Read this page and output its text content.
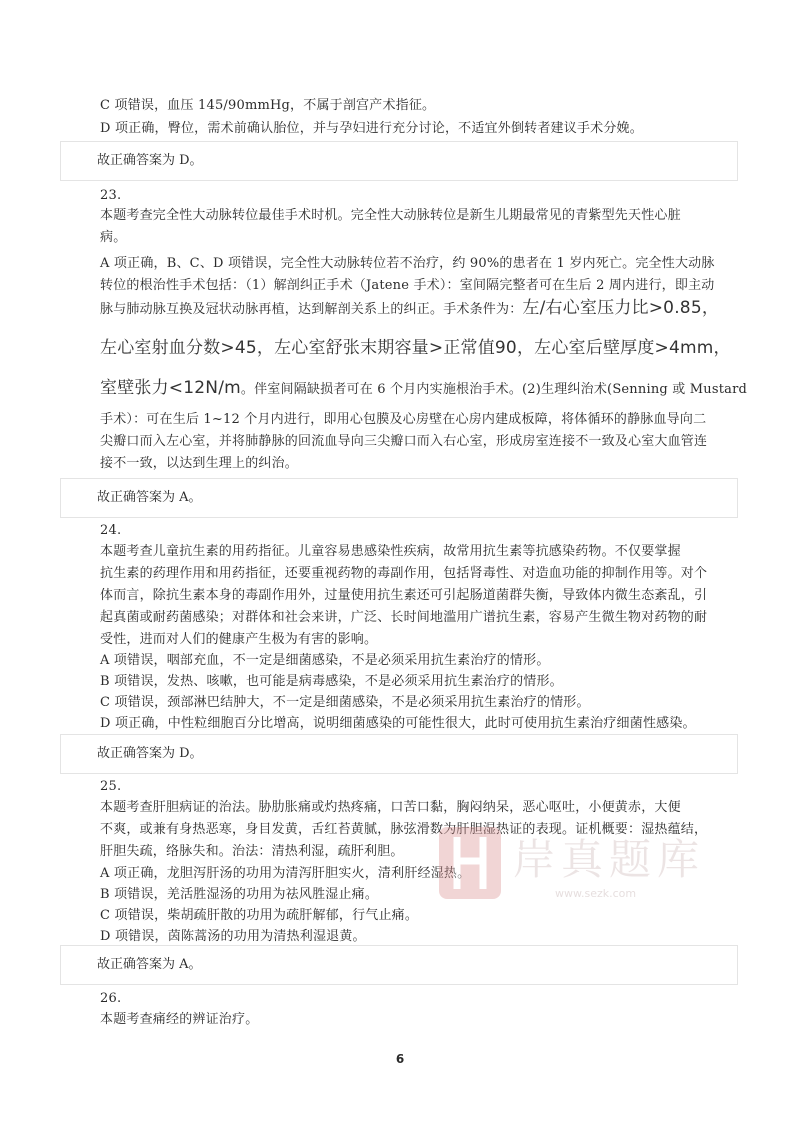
C 项错误，血压 145/90mmHg，不属于剖宫产术指征。
D 项正确，臀位，需术前确认胎位，并与孕妇进行充分讨论，不适宜外倒转者建议手术分娩。
故正确答案为 D。
23.
本题考查完全性大动脉转位最佳手术时机。完全性大动脉转位是新生儿期最常见的青紫型先天性心脏
病。
A 项正确，B、C、D 项错误，完全性大动脉转位若不治疗，约 90%的患者在 1 岁内死亡。完全性大动脉
转位的根治性手术包括：（1）解剖纠正手术（Jatene 手术）：室间隔完整者可在生后 2 周内进行，即主动
脉与肺动脉互换及冠状动脉再植，达到解剖关系上的纠正。手术条件为：左/右心室压力比>0.85，
左心室射血分数>45，左心室舒张末期容量>正常值90，左心室后壁厚度>4mm，
室壁张力<12N/m。伴室间隔缺损者可在 6 个月内实施根治手术。(2)生理纠治术(Senning 或 Mustard
手术）：可在生后 1~12 个月内进行，即用心包膜及心房壁在心房内建成板障，将体循环的静脉血导向二
尖瓣口而入左心室，并将肺静脉的回流血导向三尖瓣口而入右心室，形成房室连接不一致及心室大血管连
接不一致，以达到生理上的纠治。
故正确答案为 A。
24.
本题考查儿童抗生素的用药指征。儿童容易患感染性疾病，故常用抗生素等抗感染药物。不仅要掌握
抗生素的药理作用和用药指征，还要重视药物的毒副作用，包括肾毒性、对造血功能的抑制作用等。对个
体而言，除抗生素本身的毒副作用外，过量使用抗生素还可引起肠道菌群失衡，导致体内微生态紊乱，引
起真菌或耐药菌感染；对群体和社会来讲，广泛、长时间地滥用广谱抗生素，容易产生微生物对药物的耐
受性，进而对人们的健康产生极为有害的影响。
A 项错误，咽部充血，不一定是细菌感染，不是必须采用抗生素治疗的情形。
B 项错误，发热、咳嗽，也可能是病毒感染，不是必须采用抗生素治疗的情形。
C 项错误，颈部淋巴结肿大，不一定是细菌感染，不是必须采用抗生素治疗的情形。
D 项正确，中性粒细胞百分比增高，说明细菌感染的可能性很大，此时可使用抗生素治疗细菌性感染。
故正确答案为 D。
25.
本题考查肝胆病证的治法。胁肋胀痛或灼热疼痛，口苦口黏，胸闷纳呆，恶心呕吐，小便黄赤，大便
不爽，或兼有身热恶寒，身目发黄，舌红苔黄腻，脉弦滑数为肝胆湿热证的表现。证机概要：湿热蕴结，
肝胆失疏，络脉失和。治法：清热利湿，疏肝利胆。
A 项正确，龙胆泻肝汤的功用为清泻肝胆实火，清利肝经湿热。
B 项错误，羌活胜湿汤的功用为祛风胜湿止痛。
C 项错误，柴胡疏肝散的功用为疏肝解郁，行气止痛。
D 项错误，茵陈蒿汤的功用为清热利湿退黄。
故正确答案为 A。
26.
本题考查痛经的辨证治疗。
岸真题库
www.sezk.com
6
